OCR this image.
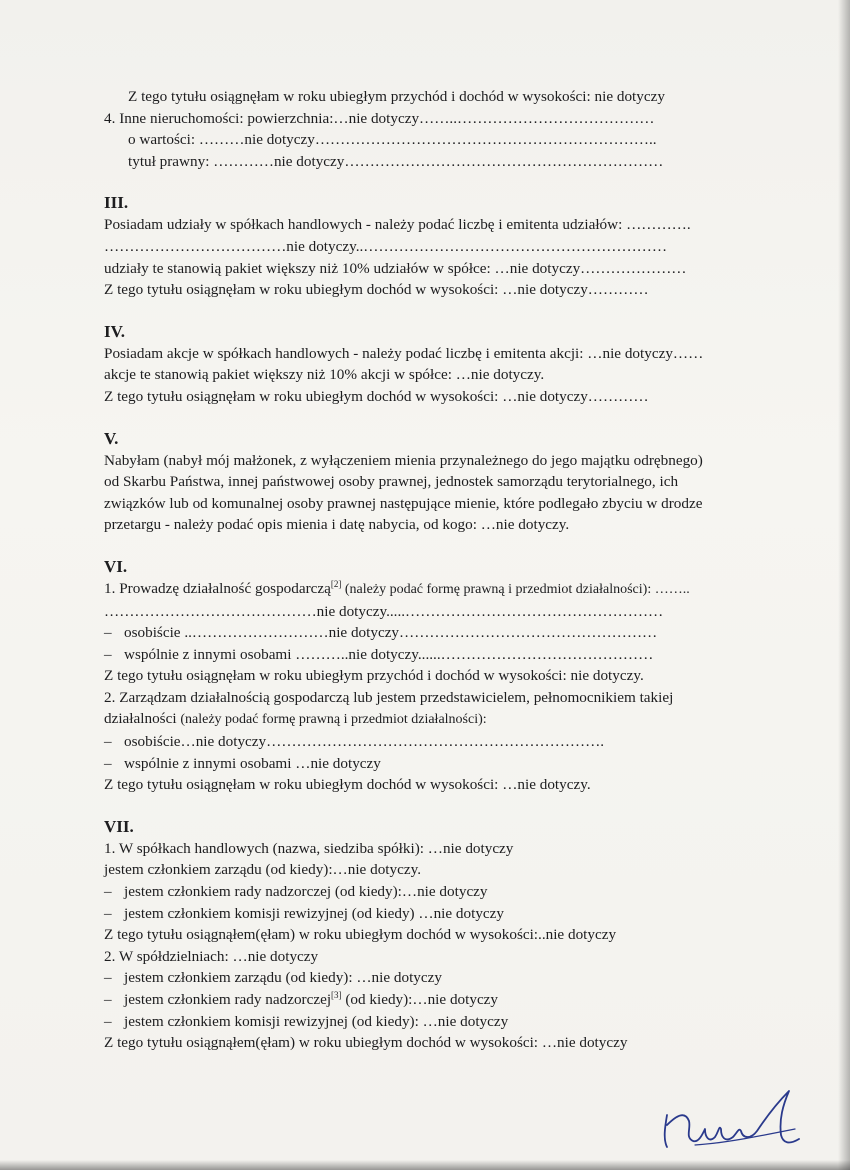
Z tego tytułu osiągnęłam w roku ubiegłym przychód i dochód w wysokości: nie dotyczy
4. Inne nieruchomości: powierzchnia:…nie dotyczy……..…………………………………
o wartości: ………nie dotyczy…………………………………………………………..
tytuł prawny: …………nie dotyczy………………………………………………………
III.
Posiadam udziały w spółkach handlowych - należy podać liczbę i emitenta udziałów: ………….
………………………………nie dotyczy..……………………………………………………
udziały te stanowią pakiet większy niż 10% udziałów w spółce: …nie dotyczy…………………
Z tego tytułu osiągnęłam w roku ubiegłym dochód w wysokości: …nie dotyczy…………
IV.
Posiadam akcje w spółkach handlowych - należy podać liczbę i emitenta akcji: …nie dotyczy……
akcje te stanowią pakiet większy niż 10% akcji w spółce: …nie dotyczy.
Z tego tytułu osiągnęłam w roku ubiegłym dochód w wysokości: …nie dotyczy…………
V.
Nabyłam (nabył mój małżonek, z wyłączeniem mienia przynależnego do jego majątku odrębnego)
od Skarbu Państwa, innej państwowej osoby prawnej, jednostek samorządu terytorialnego, ich
związków lub od komunalnej osoby prawnej następujące mienie, które podlegało zbyciu w drodze
przetargu - należy podać opis mienia i datę nabycia, od kogo: …nie dotyczy.
VI.
1. Prowadzę działalność gospodarczą[2] (należy podać formę prawną i przedmiot działalności): ……..
……………………………………nie dotyczy.....……………………………………………
– osobiście ..………………………nie dotyczy……………………………………………
– wspólnie z innymi osobami ………..nie dotyczy......……………………………………
Z tego tytułu osiągnęłam w roku ubiegłym przychód i dochód w wysokości: nie dotyczy.
2. Zarządzam działalnością gospodarczą lub jestem przedstawicielem, pełnomocnikiem takiej
działalności (należy podać formę prawną i przedmiot działalności):
– osobiście…nie dotyczy………………………………………………………….
– wspólnie z innymi osobami …nie dotyczy
Z tego tytułu osiągnęłam w roku ubiegłym dochód w wysokości: …nie dotyczy.
VII.
1. W spółkach handlowych (nazwa, siedziba spółki): …nie dotyczy
jestem członkiem zarządu (od kiedy):…nie dotyczy.
– jestem członkiem rady nadzorczej (od kiedy):…nie dotyczy
– jestem członkiem komisji rewizyjnej (od kiedy) …nie dotyczy
Z tego tytułu osiągnąłem(ęłam) w roku ubiegłym dochód w wysokości:..nie dotyczy
2. W spółdzielniach: …nie dotyczy
– jestem członkiem zarządu (od kiedy): …nie dotyczy
– jestem członkiem rady nadzorczej[3] (od kiedy):…nie dotyczy
– jestem członkiem komisji rewizyjnej (od kiedy): …nie dotyczy
Z tego tytułu osiągnąłem(ęłam) w roku ubiegłym dochód w wysokości: …nie dotyczy
